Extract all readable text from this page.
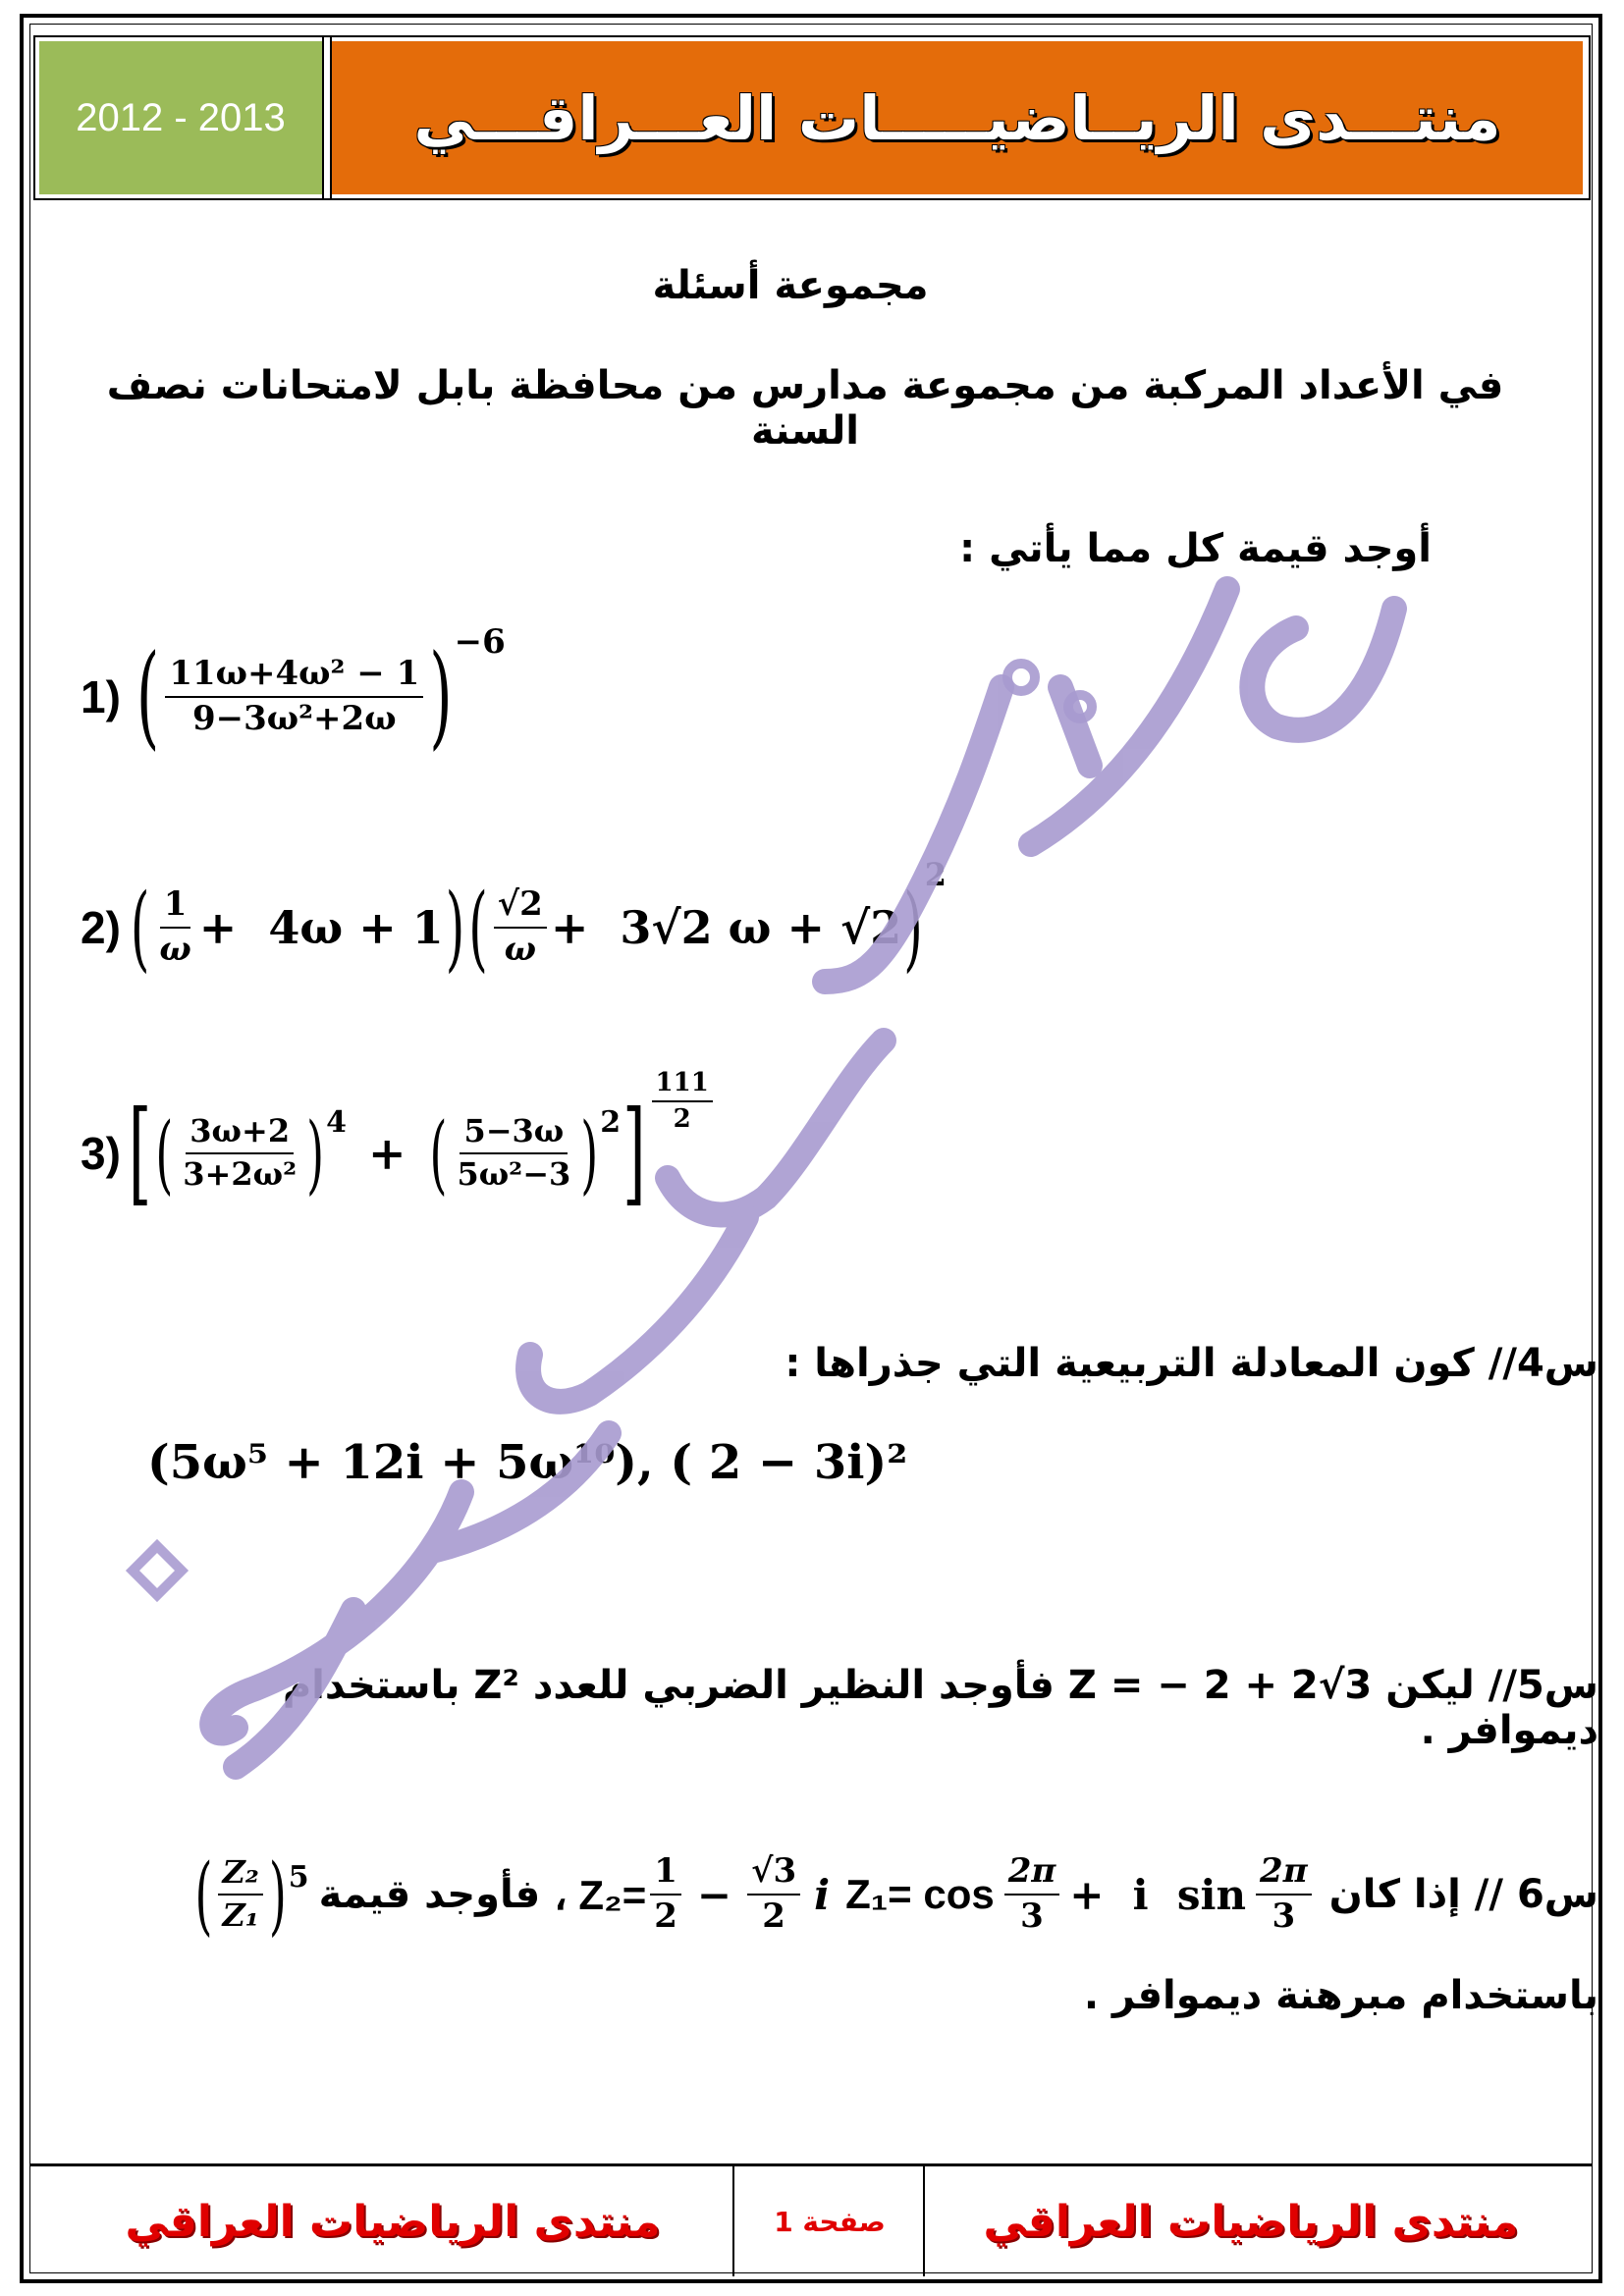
2012 - 2013	منتـــدى الريــاضيـــــات العـــراقـــي
مجموعة أسئلة
في الأعداد المركبة من مجموعة مدارس من محافظة بابل لامتحانات نصف السنة
أوجد قيمة كل مما يأتي :
1) ( $\frac{\text{11ω+4ω² − 1}}{\text{9−3ω²+2ω}}$ ) −6
2) ( $\frac{1}{\omega} + 4\omega + 1$ ) ( $\frac{√2}{\omega} + 3√2$ ω + √2 ) 2
3) [ ( $\frac{3\omega+2}{\text{3+2ω²}}$ ) 4
+ ( $\frac{5-3\omega}{\text{5ω²−3}}$ ) 2 ] $\frac{111}{2}$
س4// كون المعادلة التربيعية التي جذراها :
(5ω⁵ + 12i + 5ω¹⁰), ( 2 − 3i)²
س5// ليكن Z = − 2 + 2√3 فأوجد النظير الضربي للعدد Z² باستخدام ديموافر .
س6 // إذا كان
، $Z_2= \frac{1}{2} - \frac{√3}{2}$ i $Z_1= \cos \frac{2\pi}{3} + i$  $\sin \frac{2\pi}{3}$
فأوجد قيمة
( $\frac{\text{Z₂}}{\text{Z₁}}$ ) 5
باستخدام مبرهنة ديموافر .
منتدى الرياضيات العراقي	صفحة 1	منتدى الرياضيات العراقي
